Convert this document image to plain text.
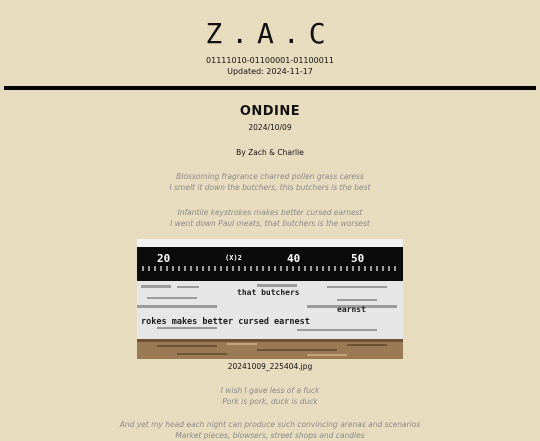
Z.A.C
01111010-01100001-01100011
Updated: 2024-11-17
ONDINE
2024/10/09
By Zach & Charlie
Blossoming fragrance charred pollen grass caress
I smelt it down the butchers, this butchers is the best
Infantile keystrokes makes better cursed earnest
I went down Paul meats, that butchers is the worsest
20	40	50
(X)2
that butchers
earnst
rokes makes better cursed earnest
20241009_225404.jpg
I wish I gave less of a fuck
Pork is pork, duck is duck
And yet my head each night can produce such convincing arenas and scenarios
Market pieces, blowsers, street shops and candles
